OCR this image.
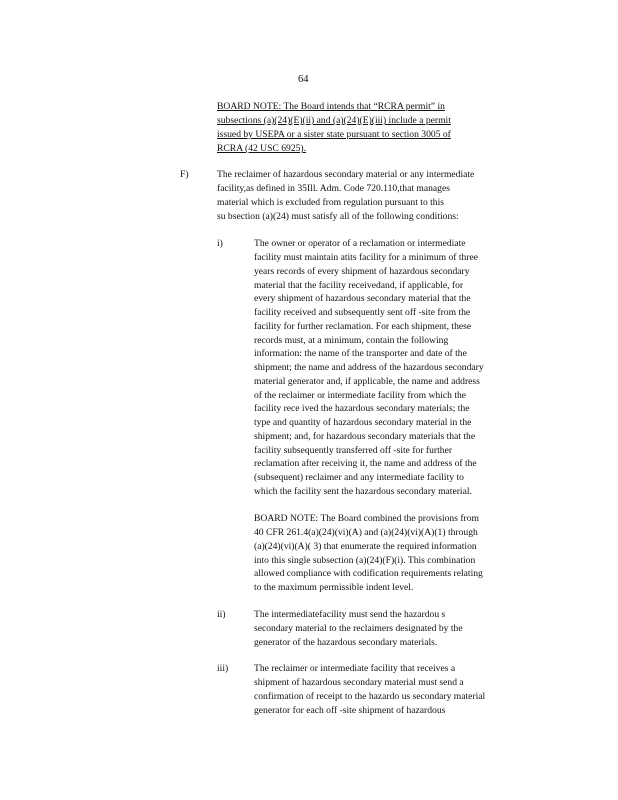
64
BOARD NOTE: The Board intends that “RCRA permit” in
subsections (a)(24)(E)(ii) and (a)(24)(E)(iii) include a permit
issued by USEPA or a sister state pursuant to section 3005 of
RCRA (42 USC 6925).
F)	The reclaimer of hazardous secondary material or any intermediate
facility,as defined in 35Ill. Adm. Code 720.110,that manages
material which is excluded from regulation pursuant to this
su bsection (a)(24) must satisfy all of the following conditions:
i)	The owner or operator of a reclamation or intermediate
facility must maintain atits facility for a minimum of three
years records of every shipment of hazardous secondary
material that the facility receivedand, if applicable, for
every shipment of hazardous secondary material that the
facility received and subsequently sent off -site from the
facility for further reclamation. For each shipment, these
records must, at a minimum, contain the following
information: the name of the transporter and date of the
shipment; the name and address of the hazardous secondary
material generator and, if applicable, the name and address
of the reclaimer or intermediate facility from which the
facility rece ived the hazardous secondary materials; the
type and quantity of hazardous secondary material in the
shipment; and, for hazardous secondary materials that the
facility subsequently transferred off -site for further
reclamation after receiving it, the name and address of the
(subsequent) reclaimer and any intermediate facility to
which the facility sent the hazardous secondary material.
BOARD NOTE: The Board combined the provisions from
40 CFR 261.4(a)(24)(vi)(A) and (a)(24)(vi)(A)(1) through
(a)(24)(vi)(A)( 3) that enumerate the required information
into this single subsection (a)(24)(F)(i). This combination
allowed compliance with codification requirements relating
to the maximum permissible indent level.
ii)	The intermediatefacility must send the hazardou s
secondary material to the reclaimers designated by the
generator of the hazardous secondary materials.
iii)	The reclaimer or intermediate facility that receives a
shipment of hazardous secondary material must send a
confirmation of receipt to the hazardo us secondary material
generator for each off -site shipment of hazardous
